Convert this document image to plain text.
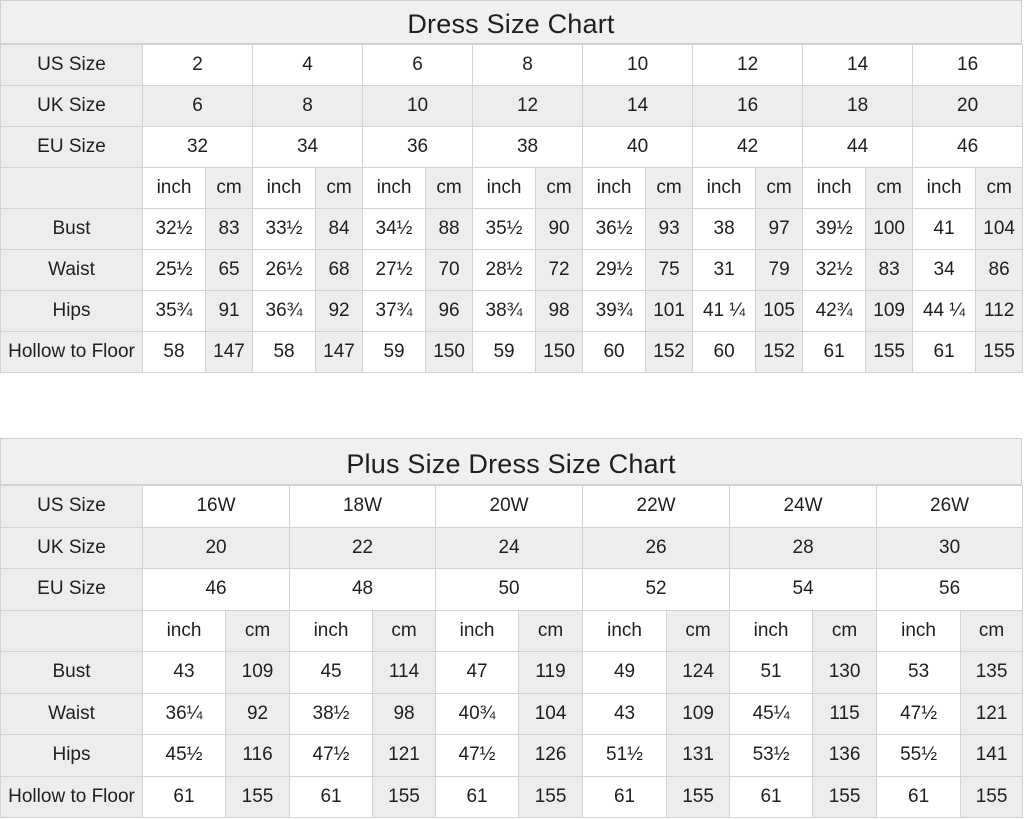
Dress Size Chart
US Size	2		4		6		8		10		12		14		16	
UK Size	6		8		10		12		14		16		18		20	
EU Size	32		34		36		38		40		42		44		46	
	inch	cm	inch	cm	inch	cm	inch	cm	inch	cm	inch	cm	inch	cm	inch	cm
Bust	32½	83	33½	84	34½	88	35½	90	36½	93	38	97	39½	100	41	104
Waist	25½	65	26½	68	27½	70	28½	72	29½	75	31	79	32½	83	34	86
Hips	35¾	91	36¾	92	37¾	96	38¾	98	39¾	101	41 ¼	105	42¾	109	44 ¼	112
Hollow to Floor	58	147	58	147	59	150	59	150	60	152	60	152	61	155	61	155
Plus Size Dress Size Chart
US Size	16W		18W		20W		22W		24W		26W	
UK Size	20		22		24		26		28		30	
EU Size	46		48		50		52		54		56	
	inch	cm	inch	cm	inch	cm	inch	cm	inch	cm	inch	cm
Bust	43	109	45	114	47	119	49	124	51	130	53	135
Waist	36¼	92	38½	98	40¾	104	43	109	45¼	115	47½	121
Hips	45½	116	47½	121	47½	126	51½	131	53½	136	55½	141
Hollow to Floor	61	155	61	155	61	155	61	155	61	155	61	155
